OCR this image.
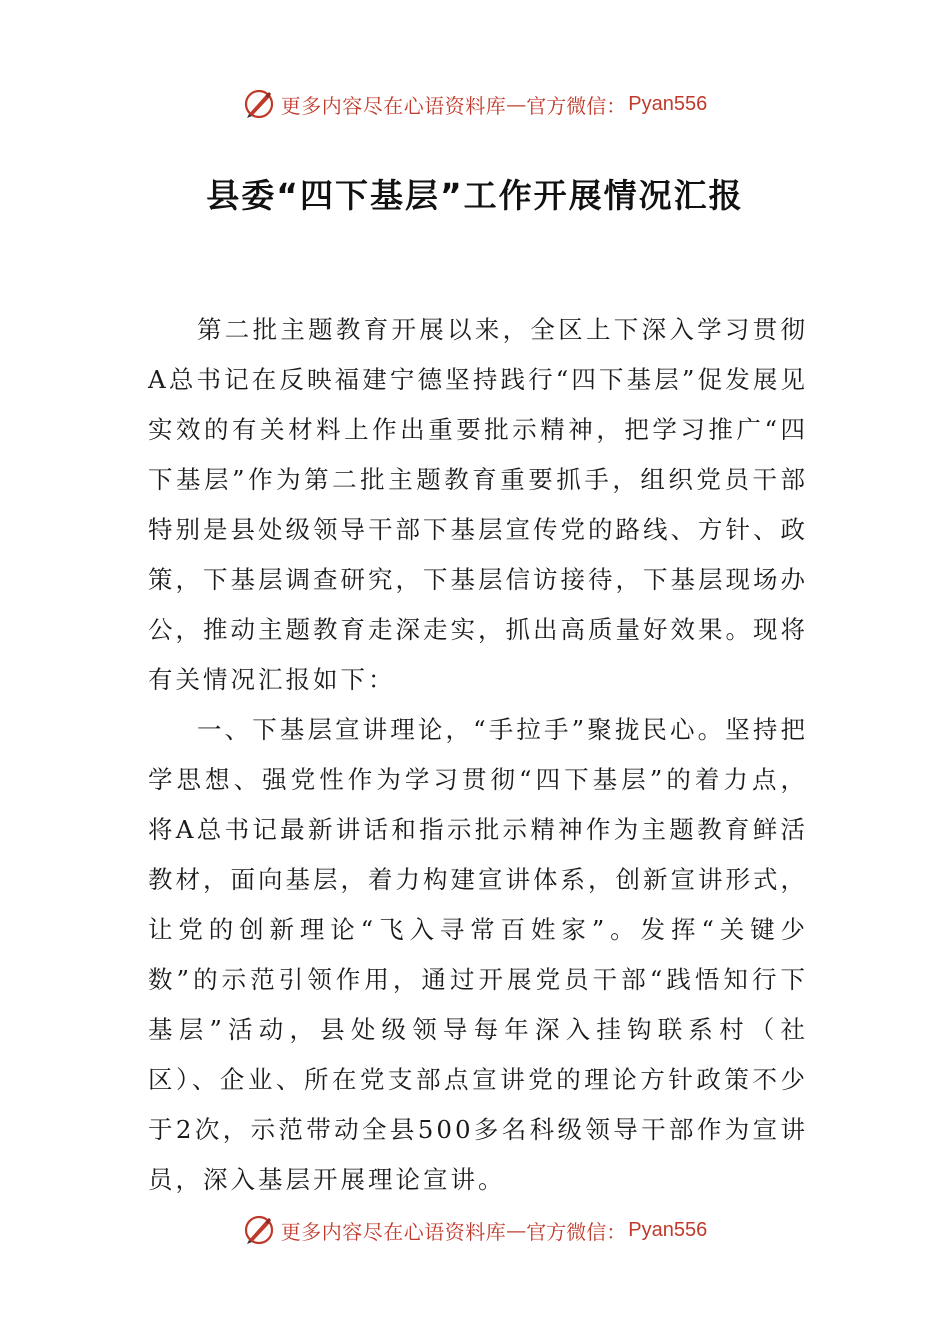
更多内容尽在心语资料库 — 官方微信： Pyan556
县委“四下基层”工作开展情况汇报

第二批主题教育开展以来，全区上下深入学习贯彻A总书记在反映福建宁德坚持践行“四下基层”促发展见实效的有关材料上作出重要批示精神，把学习推广“四下基层”作为第二批主题教育重要抓手，组织党员干部特别是县处级领导干部下基层宣传党的路线、方针、政策，下基层调查研究，下基层信访接待，下基层现场办公，推动主题教育走深走实，抓出高质量好效果。现将有关情况汇报如下：

一、下基层宣讲理论，“手拉手”聚拢民心。坚持把学思想、强党性作为学习贯彻“四下基层”的着力点，将A总书记最新讲话和指示批示精神作为主题教育鲜活教材，面向基层，着力构建宣讲体系，创新宣讲形式，让党的创新理论“飞入寻常百姓家”。发挥“关键少数”的示范引领作用，通过开展党员干部“践悟知行下基层”活动，县处级领导每年深入挂钩联系村（社区）、企业、所在党支部点宣讲党的理论方针政策不少于2次，示范带动全县500多名科级领导干部作为宣讲员，深入基层开展理论宣讲。

更多内容尽在心语资料库 — 官方微信： Pyan556
